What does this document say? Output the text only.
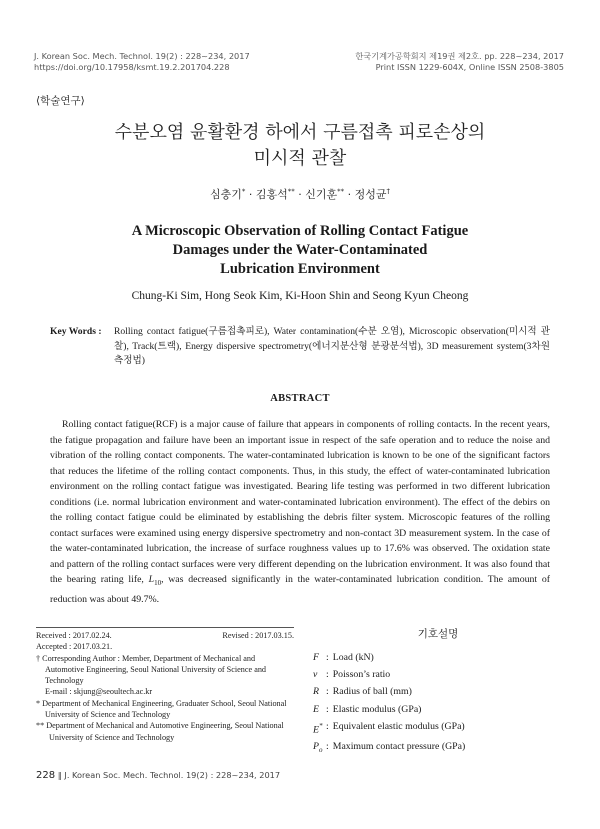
J. Korean Soc. Mech. Technol. 19(2) : 228~234, 2017
https://doi.org/10.17958/ksmt.19.2.201704.228
한국기계가공학회지 제19권 제2호. pp. 228~234, 2017
Print ISSN 1229-604X, Online ISSN 2508-3805
⟨학술연구⟩
수분오염 윤활환경 하에서 구름접촉 피로손상의
미시적 관찰
심충기* · 김홍석** · 신기훈** · 정성균†
A Microscopic Observation of Rolling Contact Fatigue
Damages under the Water-Contaminated
Lubrication Environment
Chung-Ki Sim, Hong Seok Kim, Ki-Hoon Shin and Seong Kyun Cheong
Key Words :	Rolling contact fatigue(구름접촉피로), Water contamination(수분 오염), Microscopic observation(미시적 관찰), Track(트랙), Energy dispersive spectrometry(에너지분산형 분광분석법), 3D measurement system(3차원 측정법)
ABSTRACT
Rolling contact fatigue(RCF) is a major cause of failure that appears in components of rolling contacts. In the recent years, the fatigue propagation and failure have been an important issue in respect of the safe operation and to reduce the noise and vibration of the rolling contact components. The water-contaminated lubrication is known to be one of the significant factors that reduces the lifetime of the rolling contact components. Thus, in this study, the effect of water-contaminated lubrication environment on the rolling contact fatigue was investigated. Bearing life testing was performed in two different lubrication conditions (i.e. normal lubrication environment and water-contaminated lubrication environment). The effect of the debirs on the rolling contact fatigue could be eliminated by establishing the debris filter system. Microscopic features of the rolling contact surfaces were examined using energy dispersive spectrometry and non-contact 3D measurement system. In the case of the water-contaminated lubrication, the increase of surface roughness values up to 17.6% was observed. The oxidation state and pattern of the rolling contact surfaces were very different depending on the lubrication environment. It was also found that the bearing rating life, $L_{10}$, was decreased significantly in the water-contaminated lubrication condition. The amount of reduction was about 49.7%.
Received : 2017.02.24.	Revised : 2017.03.15.
Accepted : 2017.03.21.
† Corresponding Author : Member, Department of Mechanical and Automotive Engineering, Seoul National University of Science and Technology
E-mail : skjung@seoultech.ac.kr
* Department of Mechanical Engineering, Graduater School, Seoul National University of Science and Technology
** Department of Mechanical and Automotive Engineering, Seoul National University of Science and Technology
기호설명
F : Load (kN)
ν : Poisson’s ratio
R : Radius of ball (mm)
E : Elastic modulus (GPa)
E* : Equivalent elastic modulus (GPa)
$P_o$ : Maximum contact pressure (GPa)
228 ‖ J. Korean Soc. Mech. Technol. 19(2) : 228~234, 2017
